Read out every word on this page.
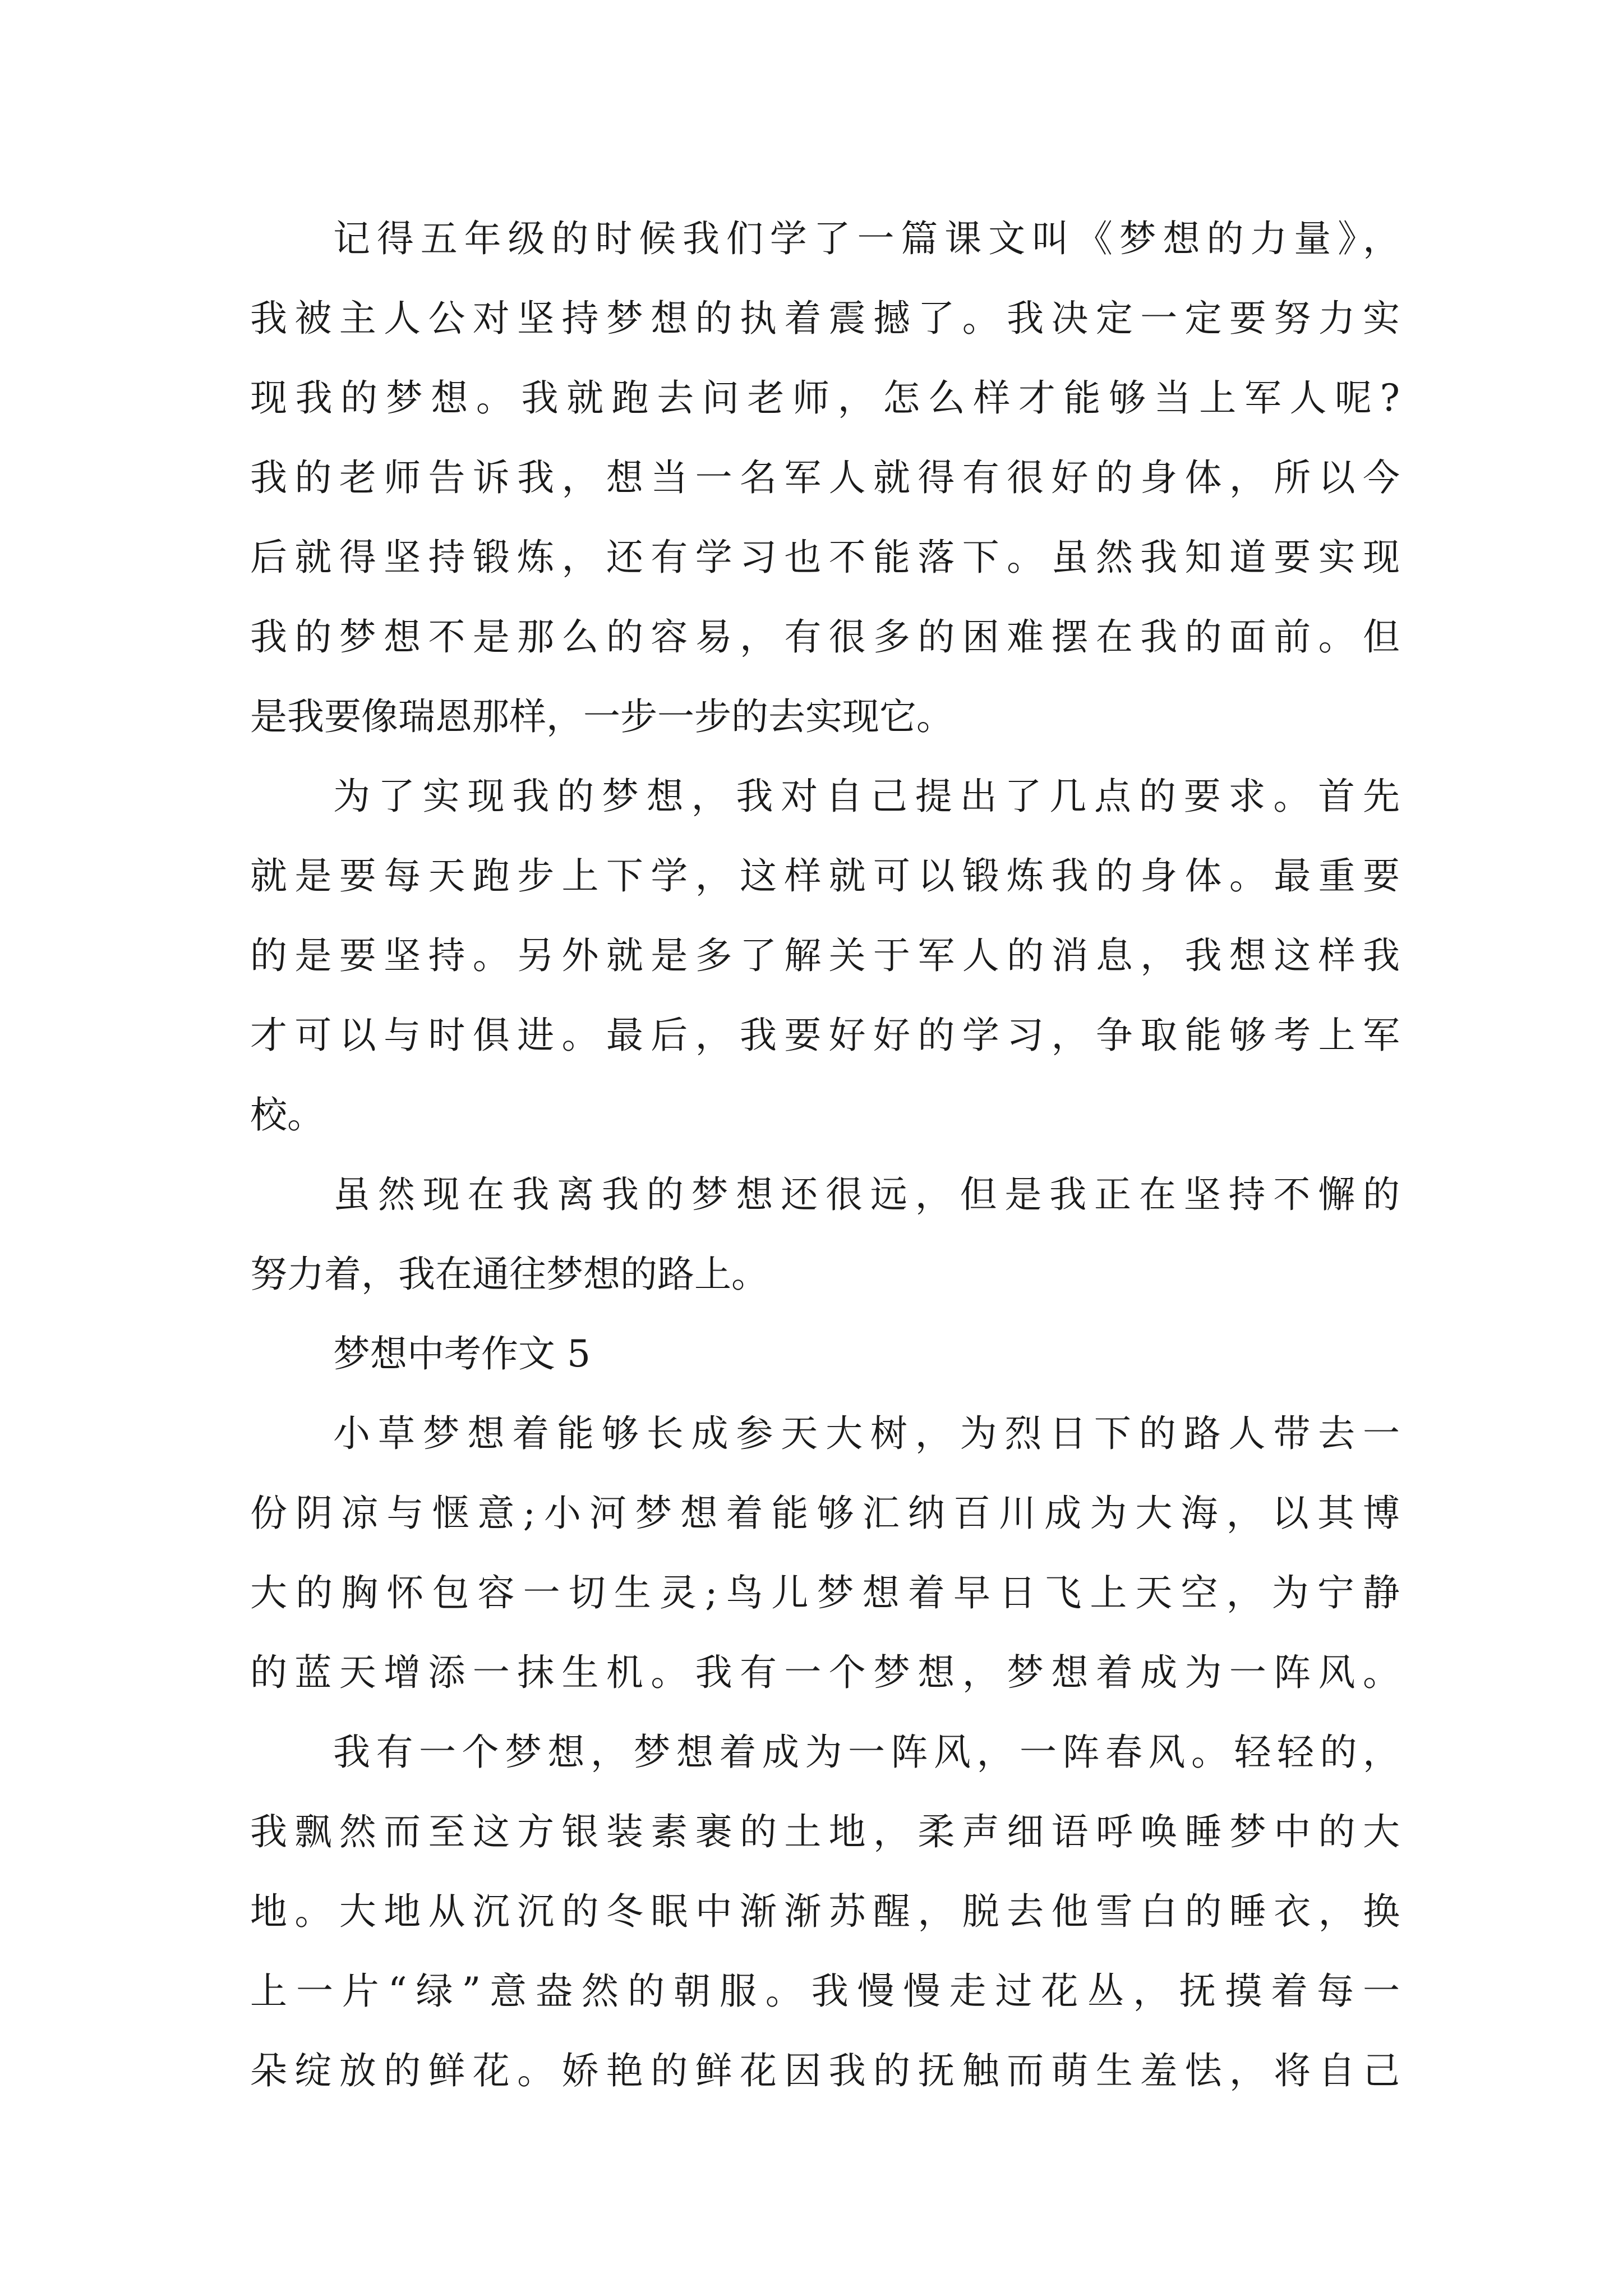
记得五年级的时候我们学了一篇课文叫《梦想的力量》，
我被主人公对坚持梦想的执着震撼了。我决定一定要努力实
现我的梦想。我就跑去问老师，怎么样才能够当上军人呢?
我的老师告诉我，想当一名军人就得有很好的身体，所以今
后就得坚持锻炼，还有学习也不能落下。虽然我知道要实现
我的梦想不是那么的容易，有很多的困难摆在我的面前。但
是我要像瑞恩那样，一步一步的去实现它。
为了实现我的梦想，我对自己提出了几点的要求。首先
就是要每天跑步上下学，这样就可以锻炼我的身体。最重要
的是要坚持。另外就是多了解关于军人的消息，我想这样我
才可以与时俱进。最后，我要好好的学习，争取能够考上军
校。
虽然现在我离我的梦想还很远，但是我正在坚持不懈的
努力着，我在通往梦想的路上。
梦想中考作文 5
小草梦想着能够长成参天大树，为烈日下的路人带去一
份阴凉与惬意;小河梦想着能够汇纳百川成为大海，以其博
大的胸怀包容一切生灵;鸟儿梦想着早日飞上天空，为宁静
的蓝天增添一抹生机。我有一个梦想，梦想着成为一阵风。
我有一个梦想，梦想着成为一阵风，一阵春风。轻轻的，
我飘然而至这方银装素裹的土地，柔声细语呼唤睡梦中的大
地。大地从沉沉的冬眠中渐渐苏醒，脱去他雪白的睡衣，换
上一片“绿”意盎然的朝服。我慢慢走过花丛，抚摸着每一
朵绽放的鲜花。娇艳的鲜花因我的抚触而萌生羞怯，将自己
